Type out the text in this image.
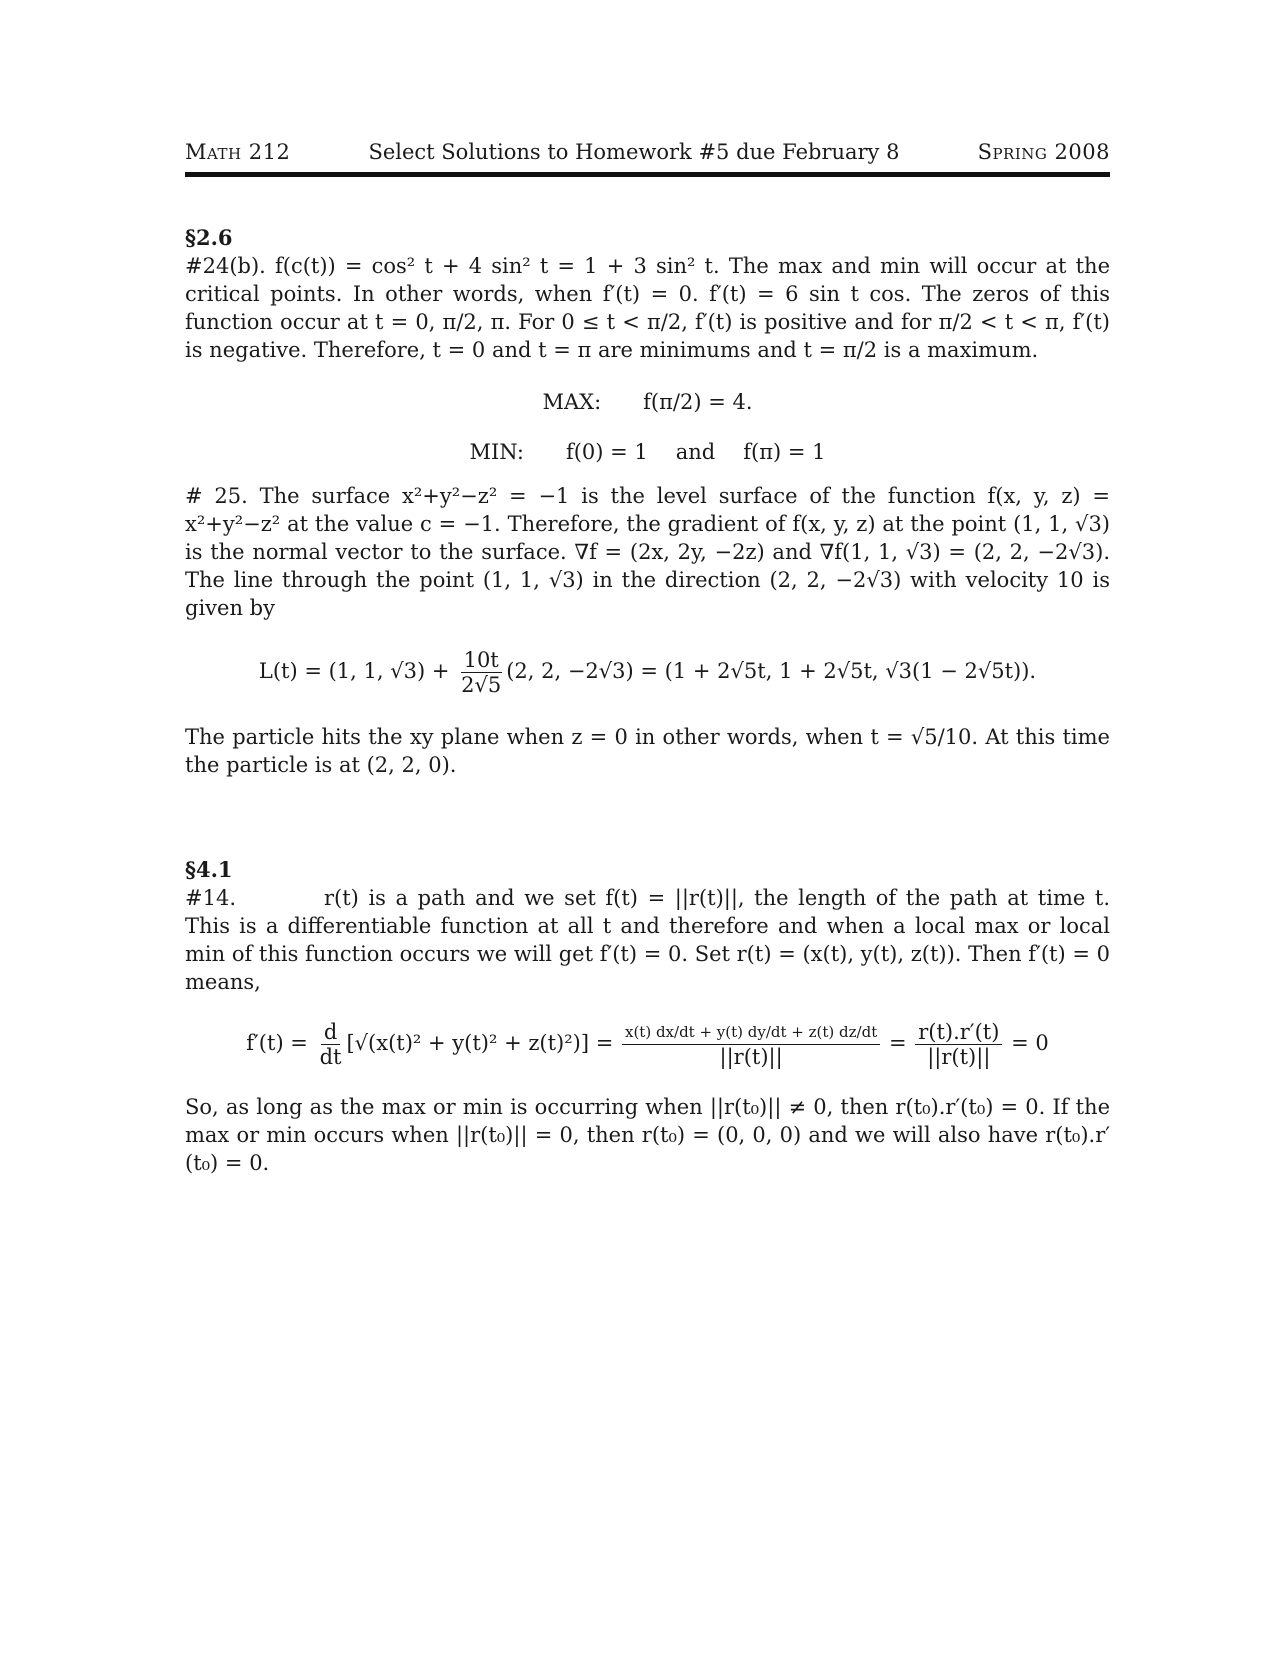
Math 212	Select Solutions to Homework #5 due February 8	Spring 2008
§2.6

#24(b). f(c(t)) = cos² t + 4 sin² t = 1 + 3 sin² t. The max and min will occur at the critical points. In other words, when f′(t) = 0. f′(t) = 6 sin t cos. The zeros of this function occur at t = 0, π/2, π. For 0 ≤ t < π/2, f′(t) is positive and for π/2 < t < π, f′(t) is negative. Therefore, t = 0 and t = π are minimums and t = π/2 is a maximum.

MAX: f(π/2) = 4.
MIN: f(0) = 1 and f(π) = 1

# 25. The surface x²+y²−z² = −1 is the level surface of the function f(x, y, z) = x²+y²−z² at the value c = −1. Therefore, the gradient of f(x, y, z) at the point (1, 1, √3) is the normal vector to the surface. ∇f = (2x, 2y, −2z) and ∇f(1, 1, √3) = (2, 2, −2√3). The line through the point (1, 1, √3) in the direction (2, 2, −2√3) with velocity 10 is given by

L(t) = (1, 1, $√3) + \frac{10t}{2√5} (2$, 2, −2√3) = (1 + 2√5t, 1 + 2√5t, √3(1 − 2√5t)).

The particle hits the xy plane when z = 0 in other words, when t = √5/10. At this time the particle is at (2, 2, 0).

§4.1

#14.	r(t) is a path and we set f(t) = ||r(t)||, the length of the path at time t. This is a differentiable function at all t and therefore and when a local max or local min of this function occurs we will get f′(t) = 0. Set r(t) = (x(t), y(t), z(t)). Then f′(t) = 0 means,

$f'(t) = \frac{d}{dt} [√(x(t)^2 + y(t)^2 + z(t)^2)] = \frac{x(t) dx/dt + y(t) dy/dt + z(t) dz/dt}{||r(t)||} = \frac{r(t).r'(t)}{||r(t)||} = 0$

So, as long as the max or min is occurring when ||r(t₀)|| ≠ 0, then r(t₀).r′(t₀) = 0. If the max or min occurs when ||r(t₀)|| = 0, then r(t₀) = (0, 0, 0) and we will also have r(t₀).r′(t₀) = 0.
